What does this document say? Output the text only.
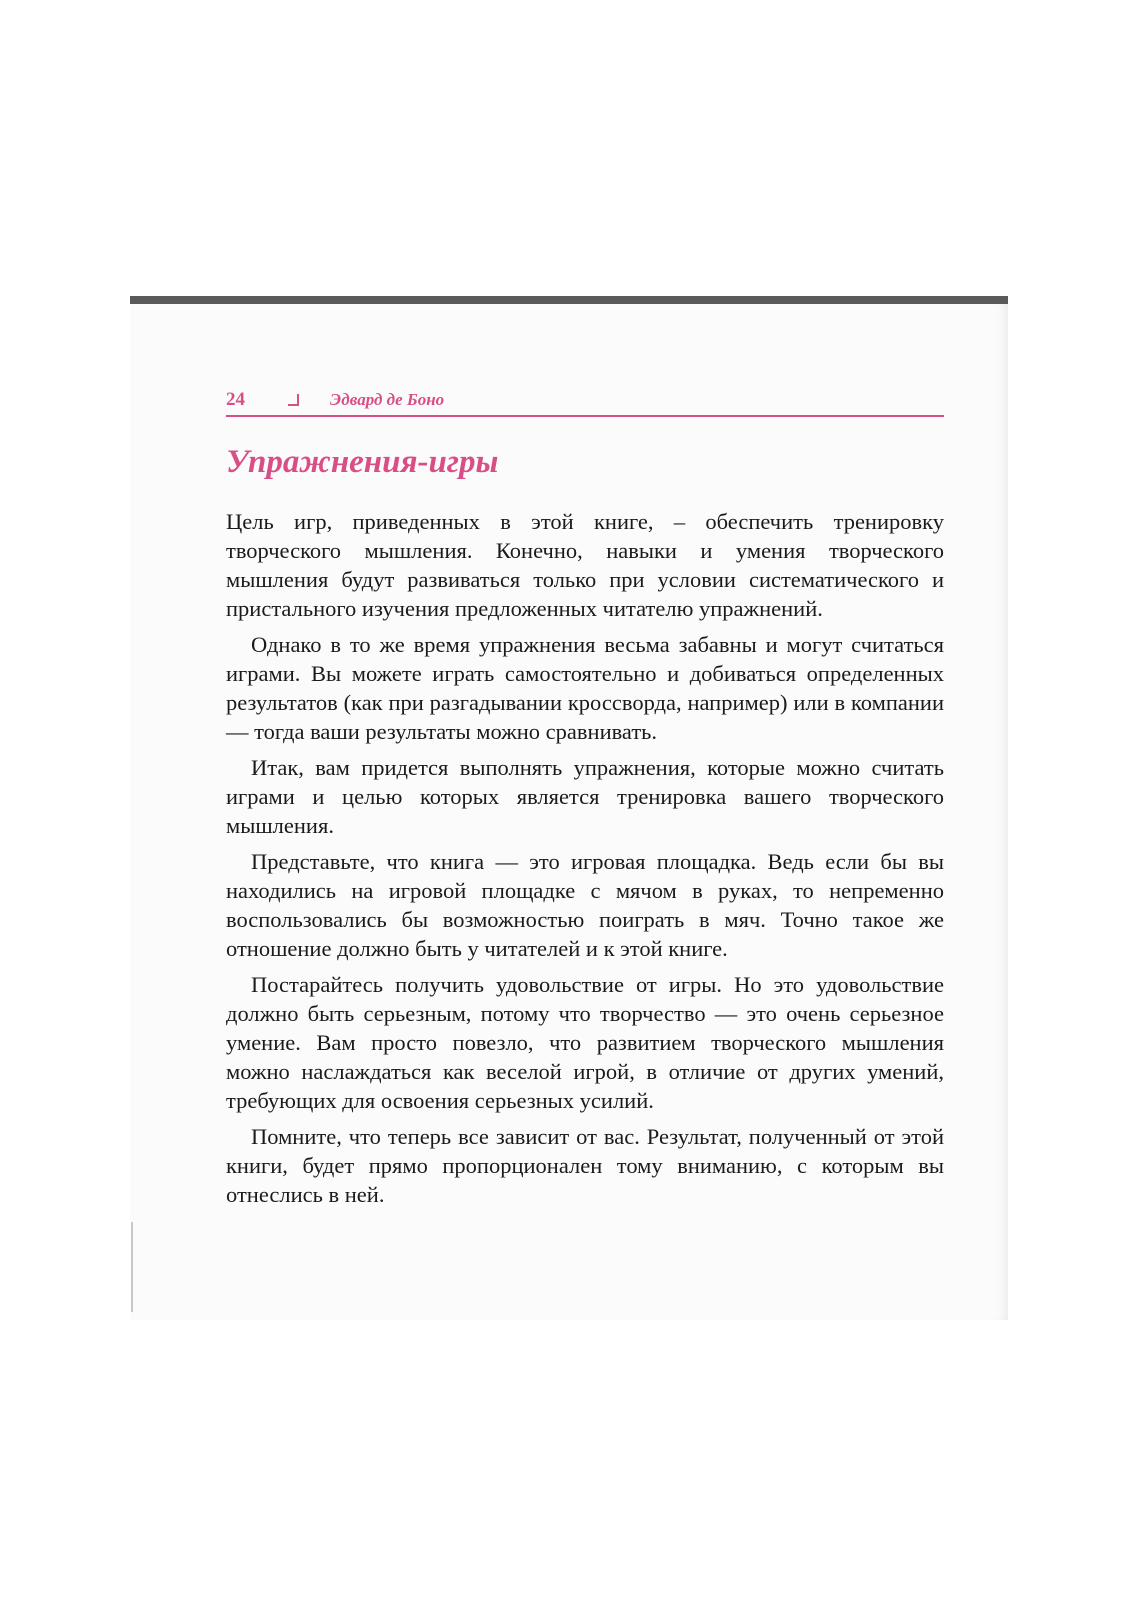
24	Эдвард де Боно
Упражнения-игры

Цель игр, приведенных в этой книге, – обеспечить тренировку творческого мышления. Конечно, навыки и умения творческого мышления будут развиваться только при условии систематического и пристального изучения предложенных читателю упражнений.

Однако в то же время упражнения весьма забавны и могут считаться играми. Вы можете играть самостоятельно и добиваться определенных результатов (как при разгадывании кроссворда, например) или в компании — тогда ваши результаты можно сравнивать.

Итак, вам придется выполнять упражнения, которые можно считать играми и целью которых является тренировка вашего творческого мышления.

Представьте, что книга — это игровая площадка. Ведь если бы вы находились на игровой площадке с мячом в руках, то непременно воспользовались бы возможностью поиграть в мяч. Точно такое же отношение должно быть у читателей и к этой книге.

Постарайтесь получить удовольствие от игры. Но это удовольствие должно быть серьезным, потому что творчество — это очень серьезное умение. Вам просто повезло, что развитием творческого мышления можно наслаждаться как веселой игрой, в отличие от других умений, требующих для освоения серьезных усилий.

Помните, что теперь все зависит от вас. Результат, полученный от этой книги, будет прямо пропорционален тому вниманию, с которым вы отнеслись в ней.
